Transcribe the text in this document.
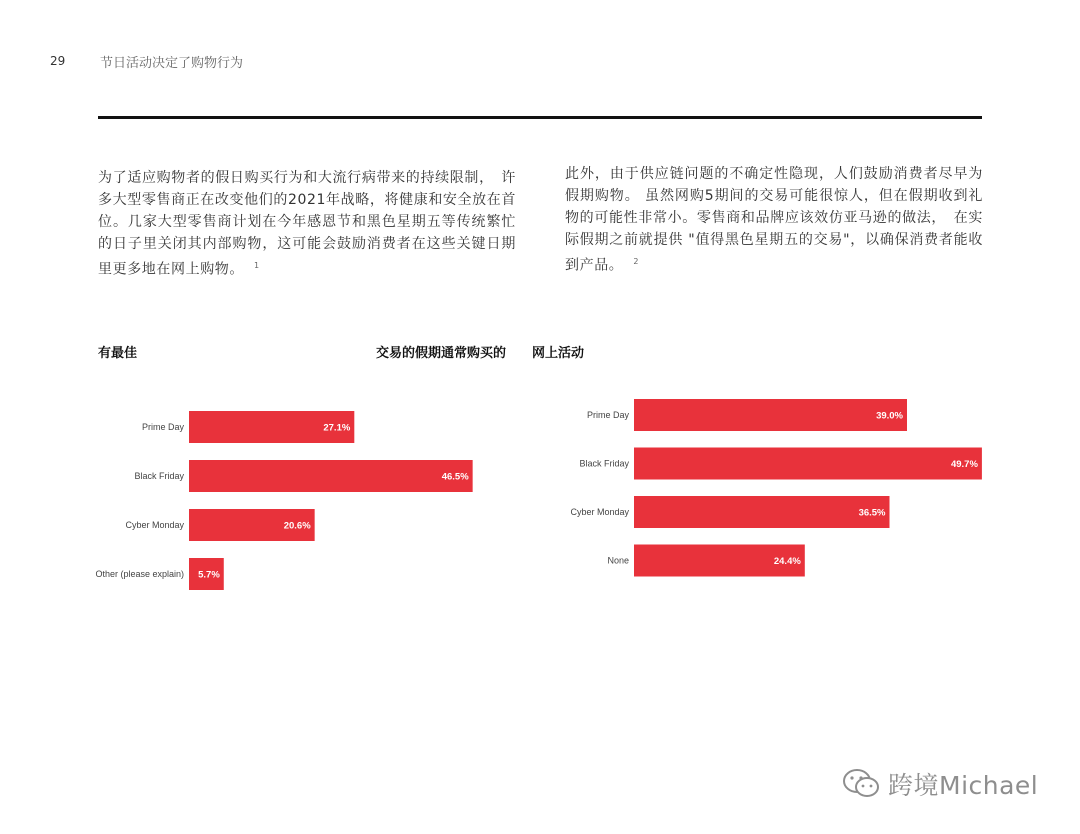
29	节日活动决定了购物行为
为了适应购物者的假日购买行为和大流行病带来的持续限制，　许多大型零售商正在改变他们的2021年战略，将健康和安全放在首位。几家大型零售商计划在今年感恩节和黑色星期五等传统繁忙的日子里关闭其内部购物，这可能会鼓励消费者在这些关键日期里更多地在网上购物。 $^1$
此外，由于供应链问题的不确定性隐现，人们鼓励消费者尽早为假期购物。 虽然网购5期间的交易可能很惊人，但在假期收到礼物的可能性非常小。零售商和品牌应该效仿亚马逊的做法，　在实际假期之前就提供 "值得黑色星期五的交易"，以确保消费者能收到产品。 $^2$
有最佳	交易的假期通常购买的 网上活动
Prime Day	27.1%
Black Friday	46.5%
Cyber Monday	20.6%
Other (please explain) 5.7%
Prime Day	39.0%
Black Friday	49.7%
Cyber Monday	36.5%
None	24.4%
跨境Michael
